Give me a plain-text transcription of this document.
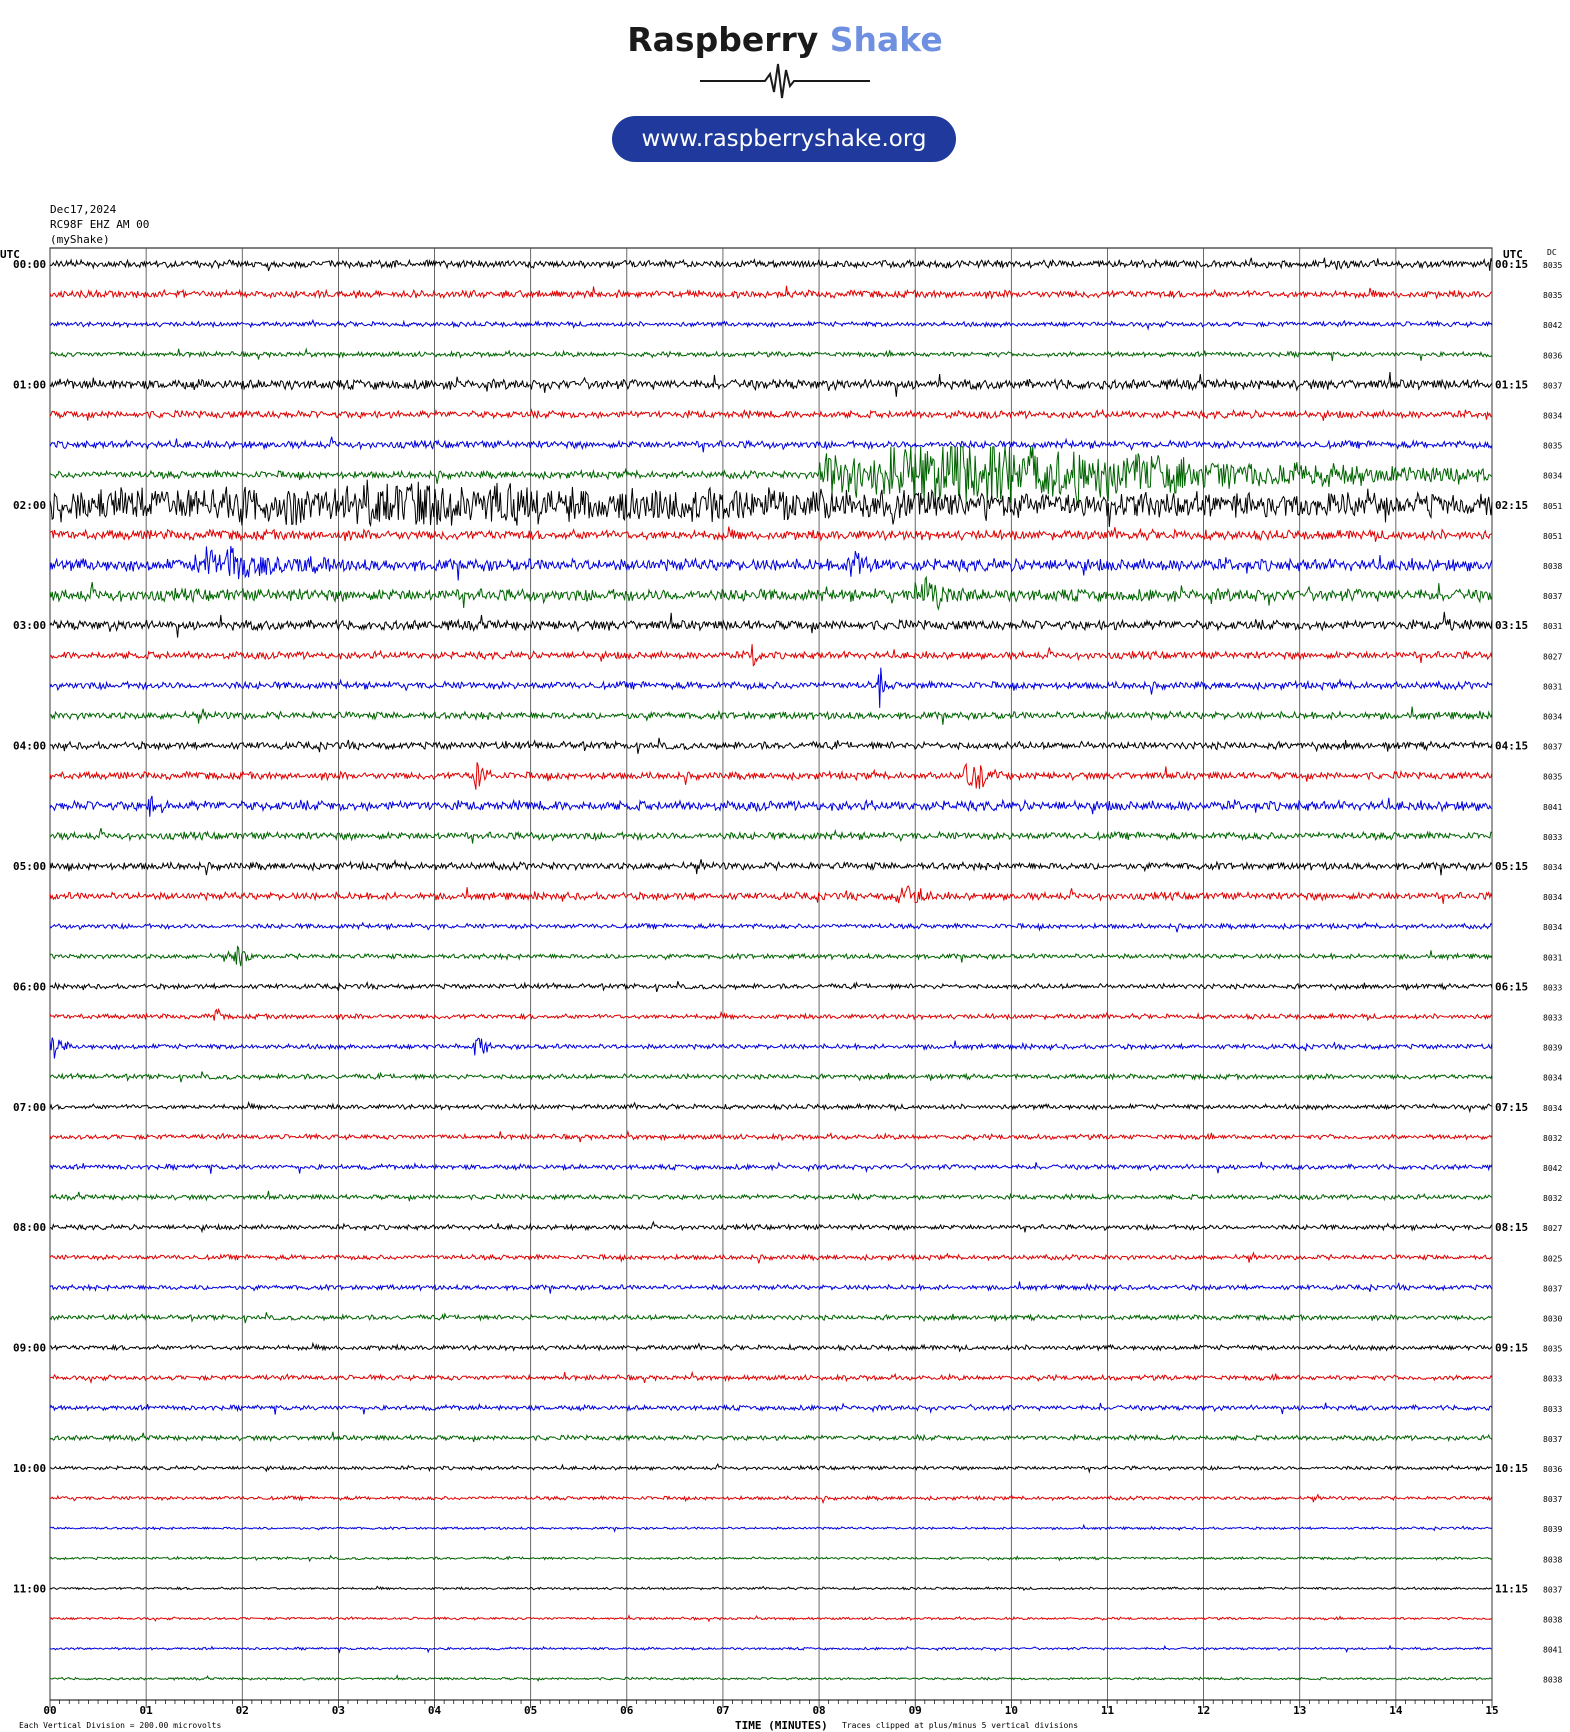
Raspberry Shake
www.raspberryshake.org
Dec17,2024
RC98F EHZ AM 00
(myShake)
00	01	02	03	04	05	06	07	08	09	10	11	12	13	14	15
8035
8035
8042
8036
8037
8034
8035
8034
8051
8051
8038
8037
8031
8027
8031
8034
8037
8035
8041
8033
8034
8034
8034
8031
8033
8033
8039
8034
8034
8032
8042
8032
8027
8025
8037
8030
8035
8033
8033
8037
8036
8037
8039
8038
8037
8038
8041
8038
00:00
01:00
02:00
03:00
04:00
05:00
06:00
07:00
08:00
09:00
10:00
11:00
00:15
01:15
02:15
03:15
04:15
05:15
06:15
07:15
08:15
09:15
10:15
11:15
UTC	UTC	DC
Each Vertical Division = 200.00 microvolts	TIME (MINUTES) Traces clipped at plus/minus 5 vertical divisions
